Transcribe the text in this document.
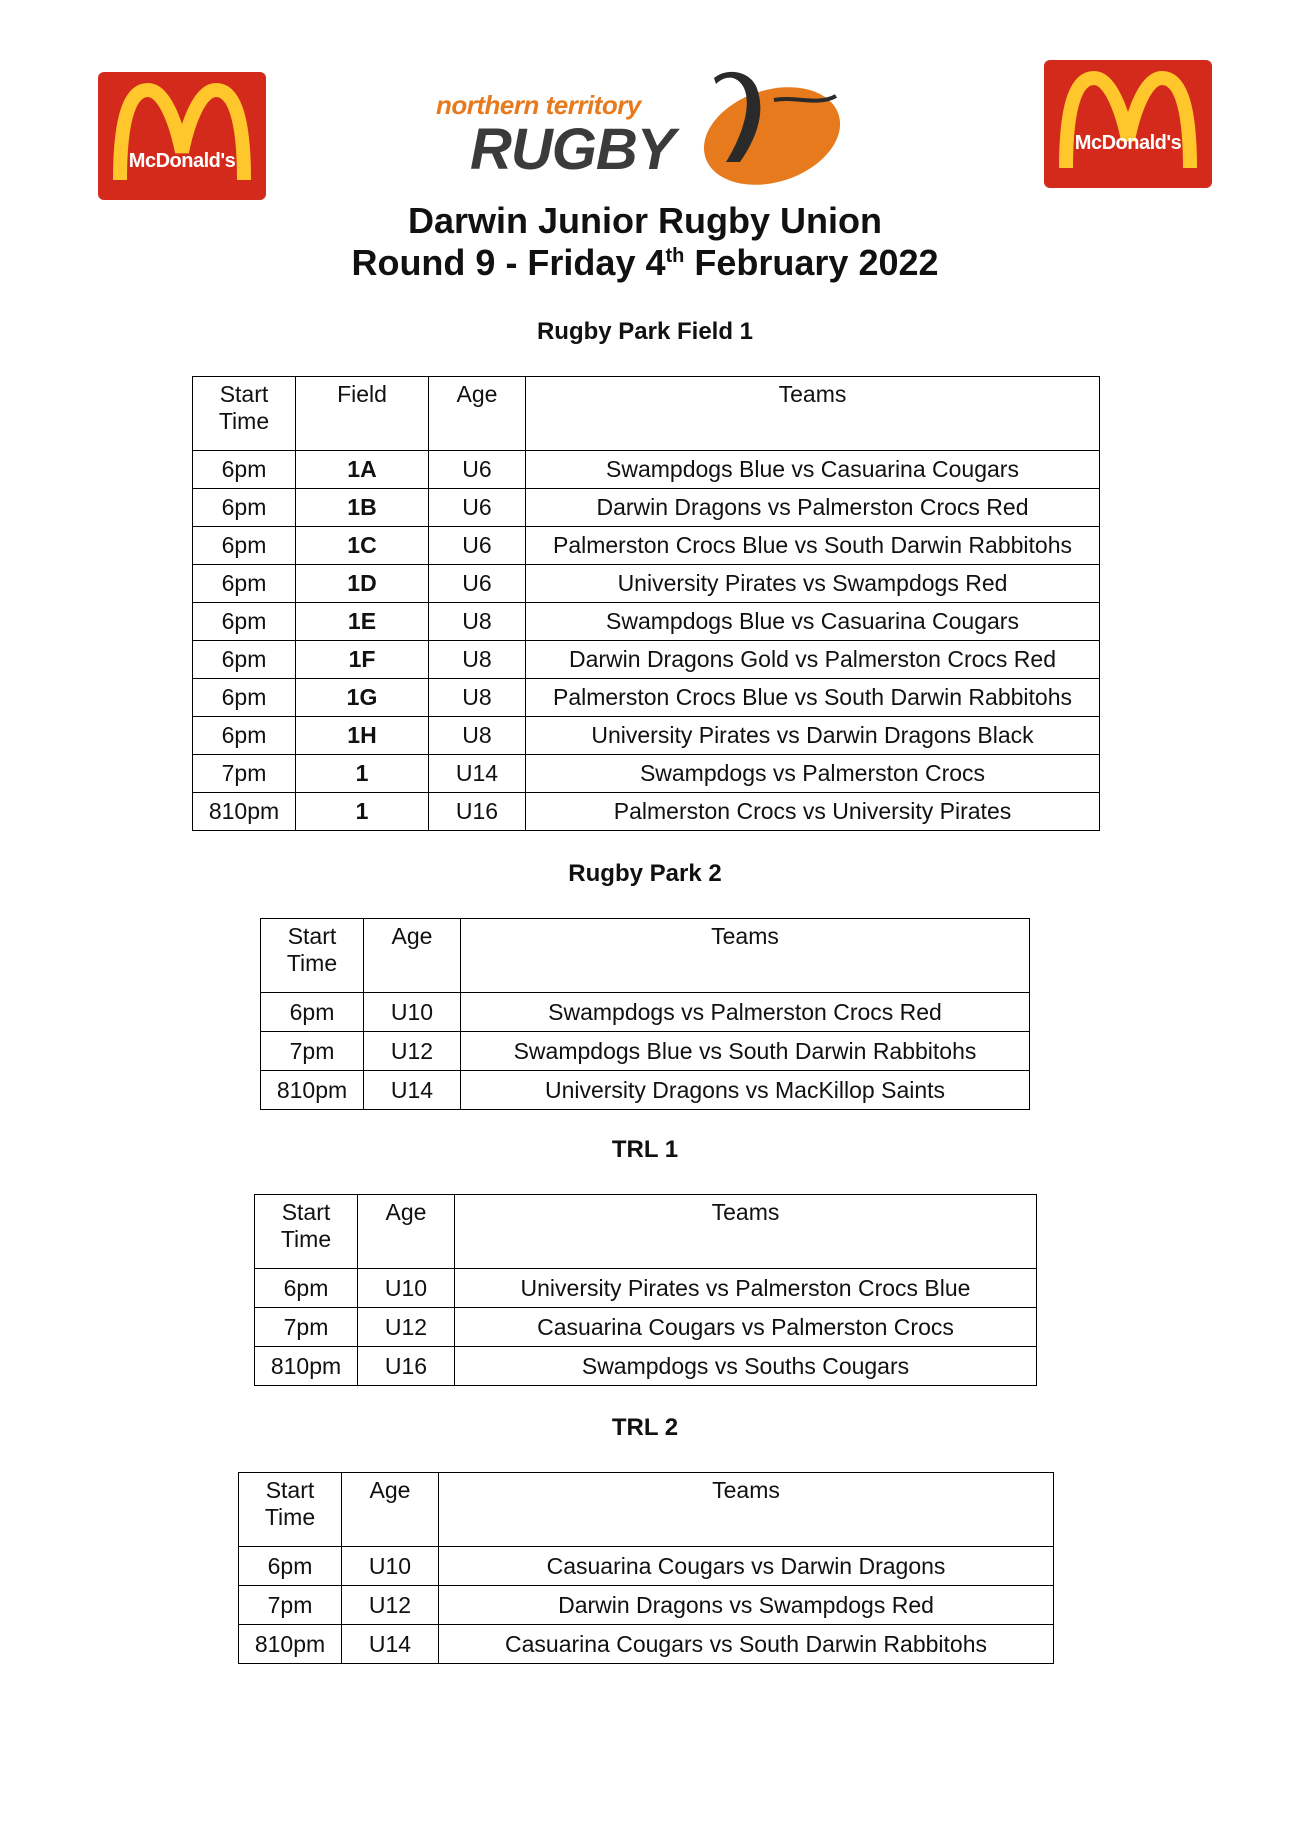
McDonald's
McDonald's
northern territory
RUGBY
Darwin Junior Rugby Union
Round 9 - Friday 4th February 2022
Rugby Park Field 1
Start
Time	Field	Age	Teams
6pm	1A	U6	Swampdogs Blue vs Casuarina Cougars
6pm	1B	U6	Darwin Dragons vs Palmerston Crocs Red
6pm	1C	U6	Palmerston Crocs Blue vs South Darwin Rabbitohs
6pm	1D	U6	University Pirates vs Swampdogs Red
6pm	1E	U8	Swampdogs Blue vs Casuarina Cougars
6pm	1F	U8	Darwin Dragons Gold vs Palmerston Crocs Red
6pm	1G	U8	Palmerston Crocs Blue vs South Darwin Rabbitohs
6pm	1H	U8	University Pirates vs Darwin Dragons Black
7pm	1	U14	Swampdogs vs Palmerston Crocs
810pm	1	U16	Palmerston Crocs vs University Pirates
Rugby Park 2
Start
Time	Age	Teams
6pm	U10	Swampdogs vs Palmerston Crocs Red
7pm	U12	Swampdogs Blue vs South Darwin Rabbitohs
810pm	U14	University Dragons vs MacKillop Saints
TRL 1
Start
Time	Age	Teams
6pm	U10	University Pirates vs Palmerston Crocs Blue
7pm	U12	Casuarina Cougars vs Palmerston Crocs
810pm	U16	Swampdogs vs Souths Cougars
TRL 2
Start
Time	Age	Teams
6pm	U10	Casuarina Cougars vs Darwin Dragons
7pm	U12	Darwin Dragons vs Swampdogs Red
810pm	U14	Casuarina Cougars vs South Darwin Rabbitohs
